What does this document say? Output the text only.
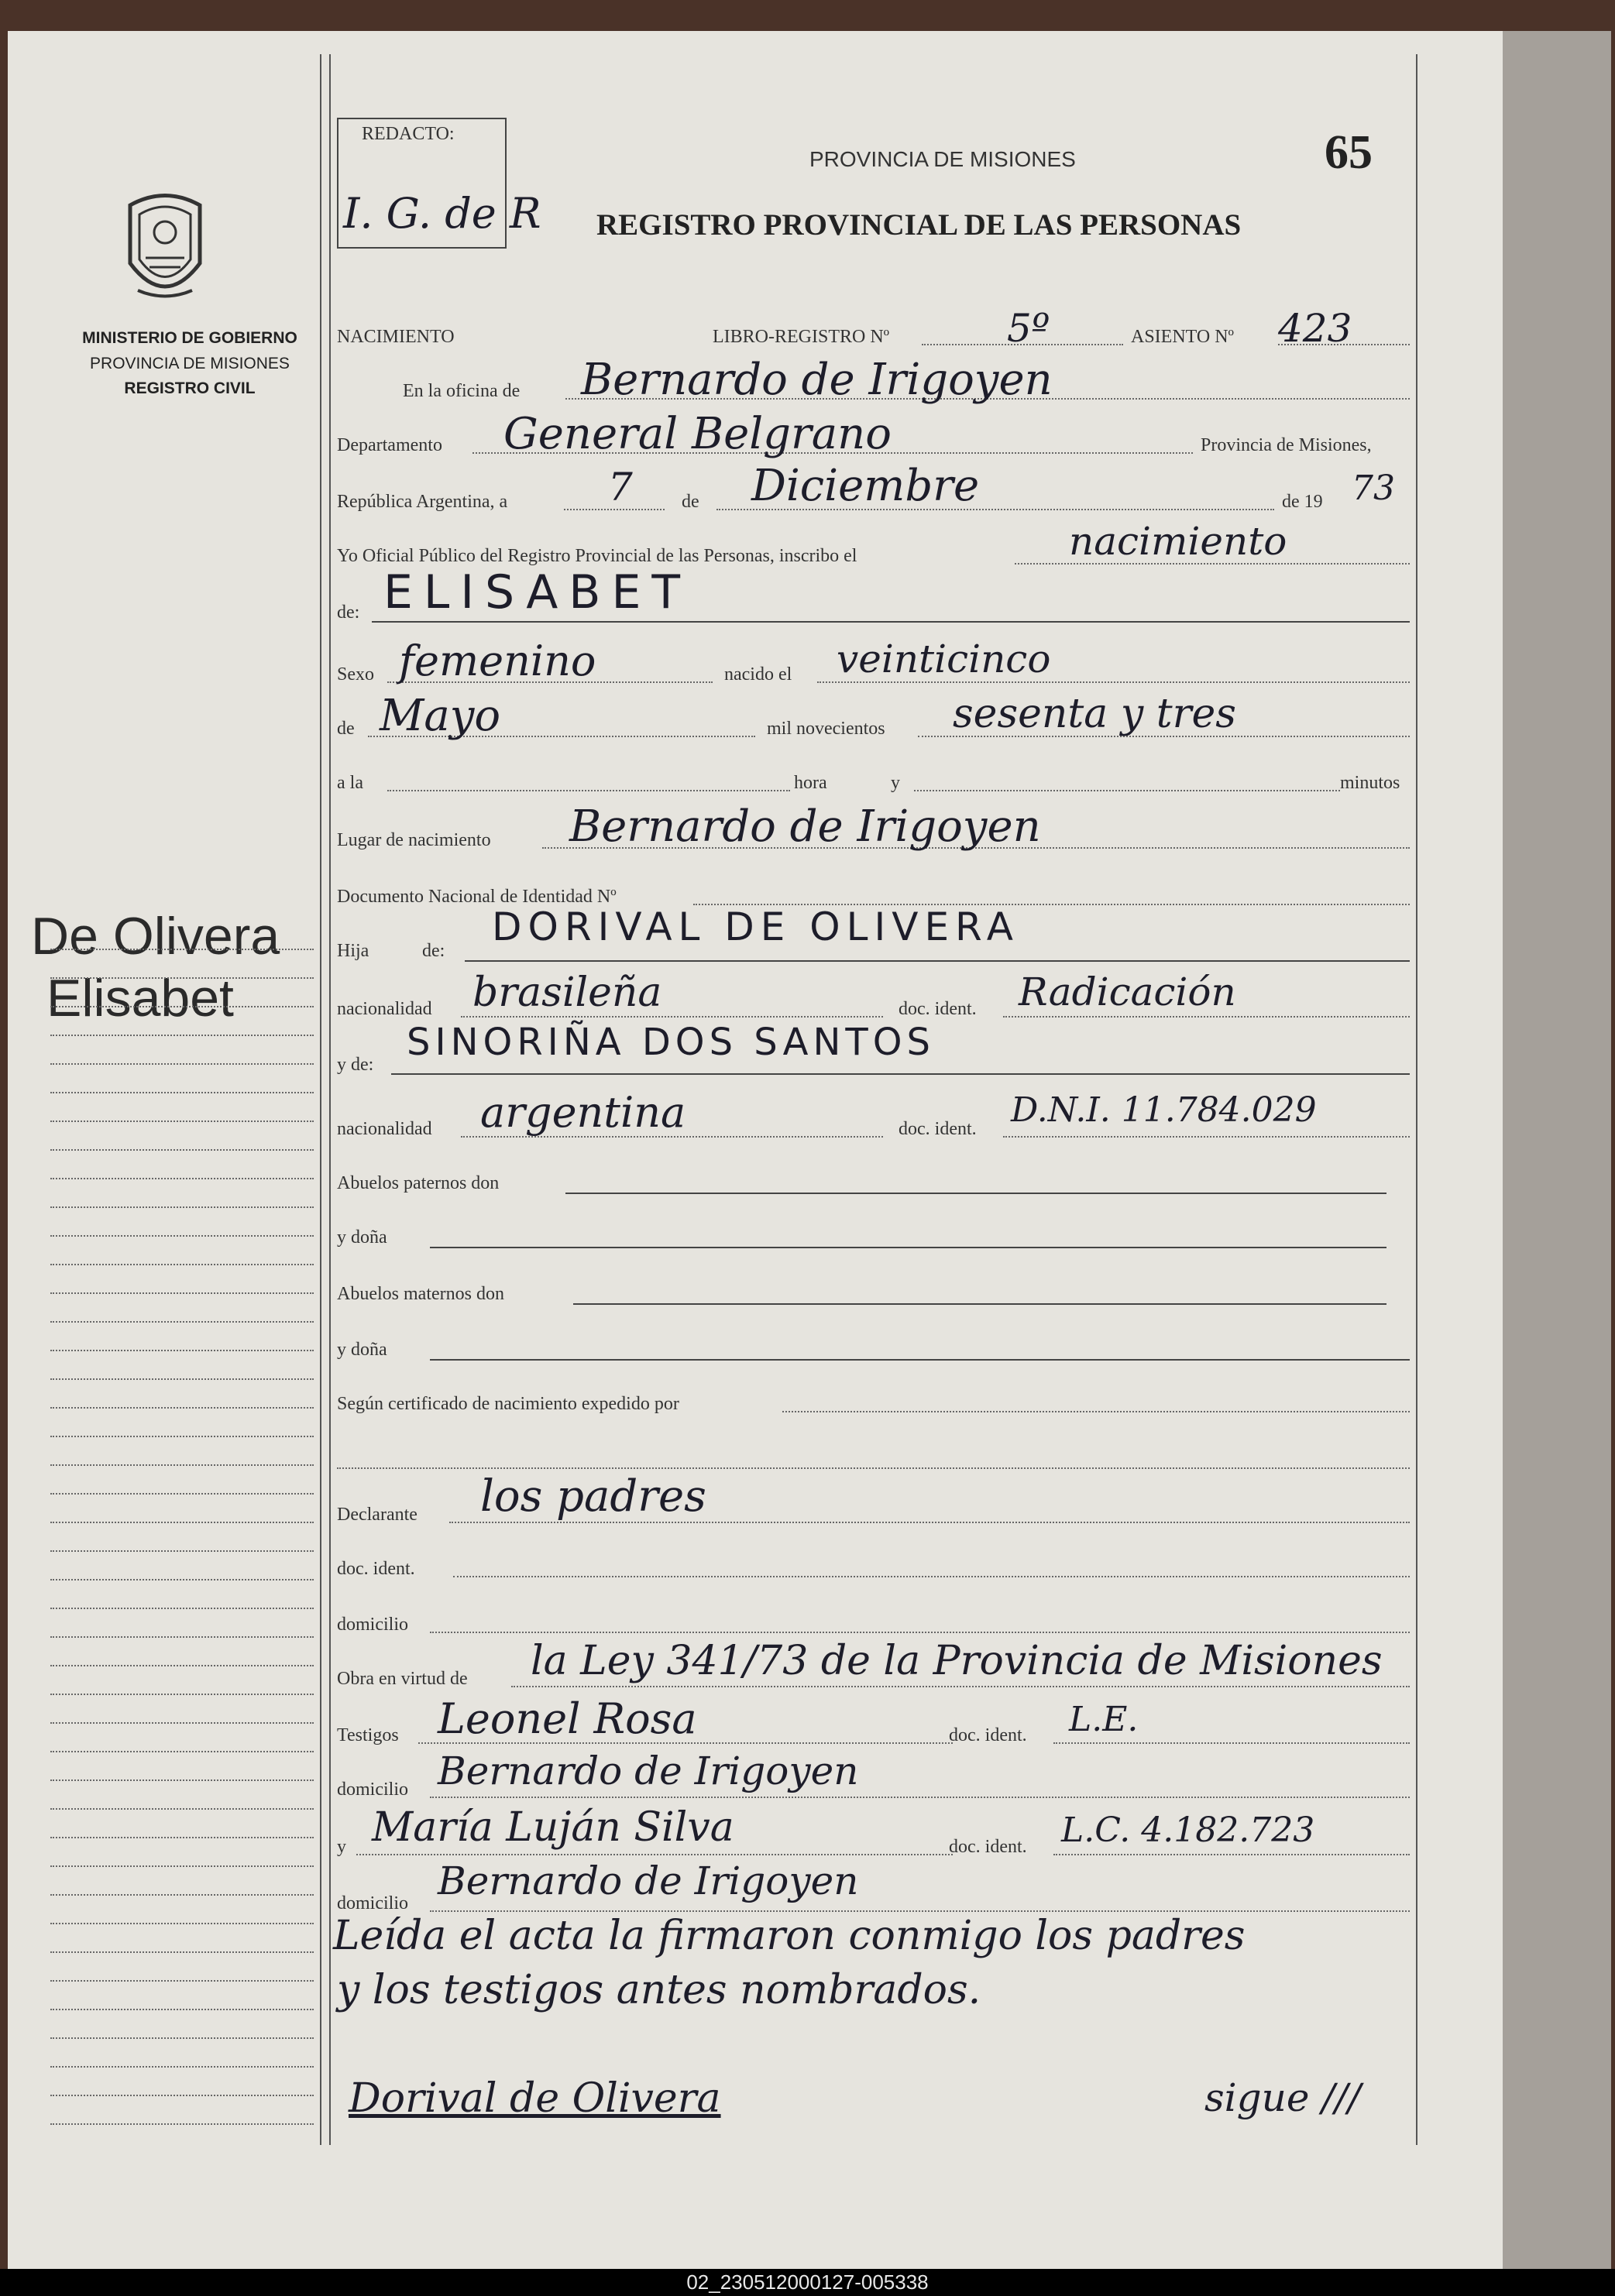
MINISTERIO DE GOBIERNO
PROVINCIA DE MISIONES
REGISTRO CIVIL
De Olivera
Elisabet
REDACTO:
I. G. de R
PROVINCIA DE MISIONES
REGISTRO PROVINCIAL DE LAS PERSONAS
65
NACIMIENTO	LIBRO-REGISTRO Nº	5º	ASIENTO Nº 423
En la oficina de Bernardo de Irigoyen
Departamento General Belgrano	Provincia de Misiones,
República Argentina, a	7	de Diciembre	de 19 73
Yo Oficial Público del Registro Provincial de las Personas, inscribo el	nacimiento
de: ELISABET
Sexo femenino	nacido el veinticinco
de Mayo	mil novecientos sesenta y tres
a la	hora	y	minutos
Lugar de nacimiento Bernardo de Irigoyen
Documento Nacional de Identidad Nº
Hija	de:
DORIVAL DE OLIVERA
nacionalidad brasileña	doc. ident. Radicación
y de:
SINORIÑA DOS SANTOS
nacionalidad argentina	doc. ident. D.N.I. 11.784.029
Abuelos paternos don
y doña
Abuelos maternos don
y doña
Según certificado de nacimiento expedido por
Declarante los padres
doc. ident.
domicilio
Obra en virtud de la Ley 341/73 de la Provincia de Misiones
Testigos Leonel Rosa	doc. ident. L.E.
domicilio Bernardo de Irigoyen
y María Luján Silva	doc. ident. L.C. 4.182.723
domicilio Bernardo de Irigoyen
Leída el acta la firmaron conmigo los padres
y los testigos antes nombrados.
Dorival de Olivera	sigue ///
02_230512000127-005338
